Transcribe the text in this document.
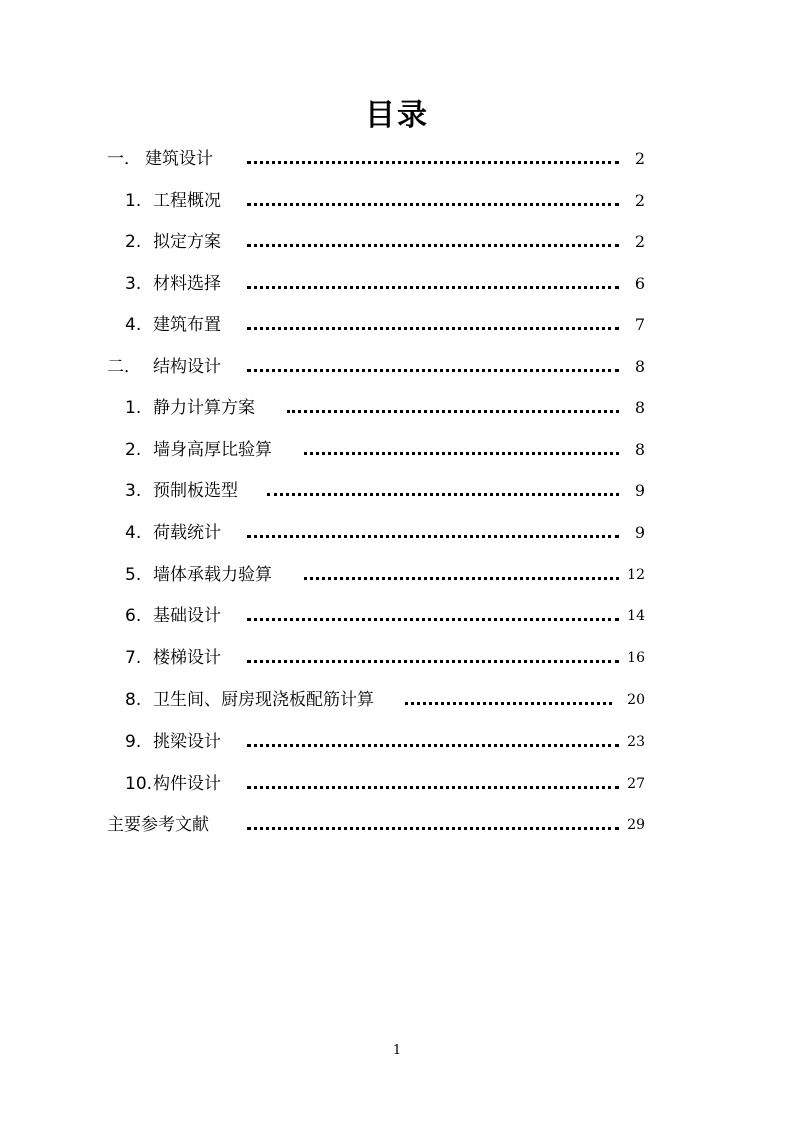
目录
一． 建筑设计	2
1. 工程概况	2
2. 拟定方案	2
3. 材料选择	6
4. 建筑布置	7
二． 结构设计	8
1. 静力计算方案	8
2. 墙身高厚比验算	8
3. 预制板选型	9
4. 荷载统计	9
5. 墙体承载力验算	12
6. 基础设计	14
7. 楼梯设计	16
8. 卫生间、厨房现浇板配筋计算	20
9. 挑梁设计	23
10. 构件设计	27
主要参考文献	29
1
